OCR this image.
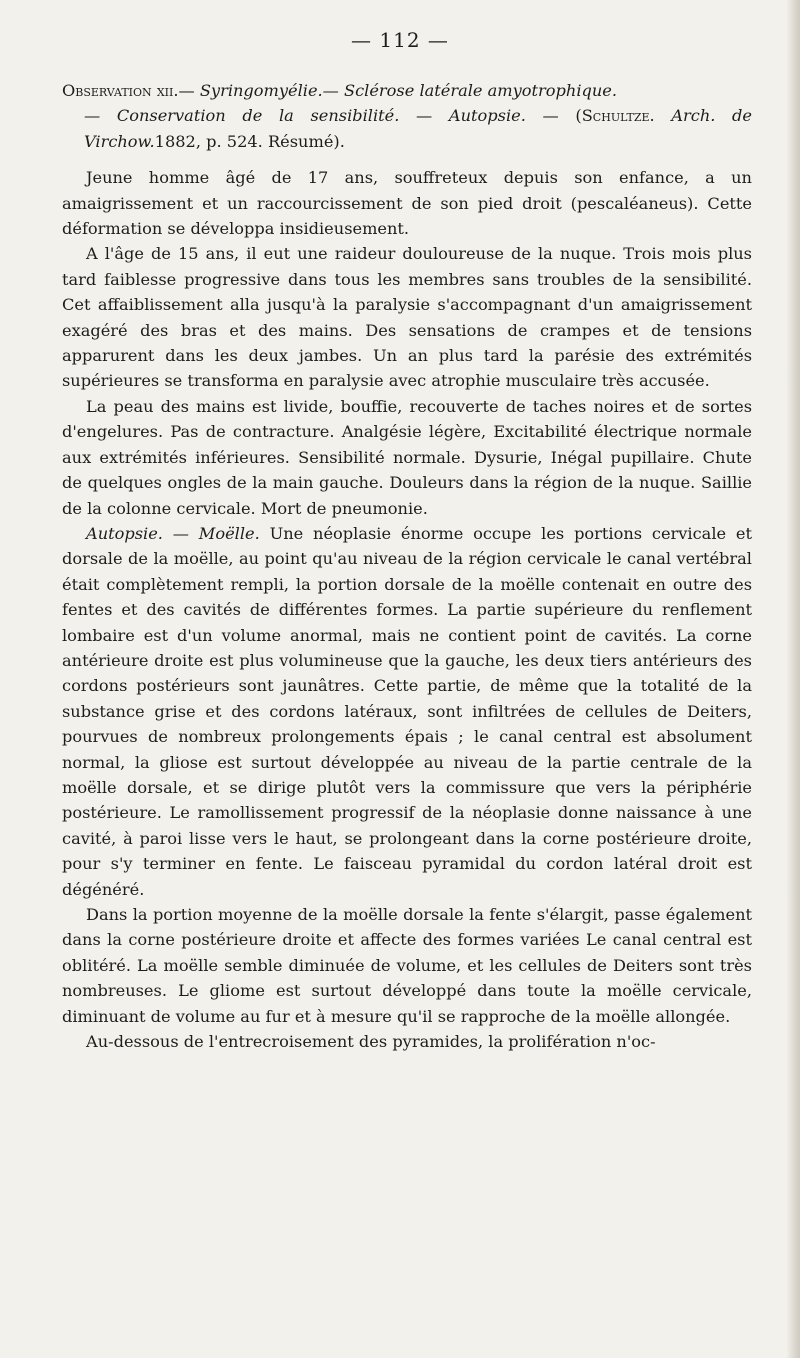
— 112 —

Observation xii.— Syringomyélie.— Sclérose latérale amyotrophique.
— Conservation de la sensibilité. — Autopsie. — (Schultze. Arch. de Virchow.1882, p. 524. Résumé).

Jeune homme âgé de 17 ans, souffreteux depuis son enfance, a un amaigrissement et un raccourcissement de son pied droit (pescaléaneus). Cette déformation se développa insidieusement.

A l'âge de 15 ans, il eut une raideur douloureuse de la nuque. Trois mois plus tard faiblesse progressive dans tous les membres sans troubles de la sensibilité. Cet affaiblissement alla jusqu'à la paralysie s'accompagnant d'un amaigrissement exagéré des bras et des mains. Des sensations de crampes et de tensions apparurent dans les deux jambes. Un an plus tard la parésie des extrémités supérieures se transforma en paralysie avec atrophie musculaire très accusée.

La peau des mains est livide, bouffie, recouverte de taches noires et de sortes d'engelures. Pas de contracture. Analgésie légère, Excitabilité électrique normale aux extrémités inférieures. Sensibilité normale. Dysurie, Inégal pupillaire. Chute de quelques ongles de la main gauche. Douleurs dans la région de la nuque. Saillie de la colonne cervicale. Mort de pneumonie.

Autopsie. — Moëlle. Une néoplasie énorme occupe les portions cervicale et dorsale de la moëlle, au point qu'au niveau de la région cervicale le canal vertébral était complètement rempli, la portion dorsale de la moëlle contenait en outre des fentes et des cavités de différentes formes. La partie supérieure du renflement lombaire est d'un volume anormal, mais ne contient point de cavités. La corne antérieure droite est plus volumineuse que la gauche, les deux tiers antérieurs des cordons postérieurs sont jaunâtres. Cette partie, de même que la totalité de la substance grise et des cordons latéraux, sont infiltrées de cellules de Deiters, pourvues de nombreux prolongements épais ; le canal central est absolument normal, la gliose est surtout développée au niveau de la partie centrale de la moëlle dorsale, et se dirige plutôt vers la commissure que vers la périphérie postérieure. Le ramollissement progressif de la néoplasie donne naissance à une cavité, à paroi lisse vers le haut, se prolongeant dans la corne postérieure droite, pour s'y terminer en fente. Le faisceau pyramidal du cordon latéral droit est dégénéré.

Dans la portion moyenne de la moëlle dorsale la fente s'élargit, passe également dans la corne postérieure droite et affecte des formes variées Le canal central est oblitéré. La moëlle semble diminuée de volume, et les cellules de Deiters sont très nombreuses. Le gliome est surtout développé dans toute la moëlle cervicale, diminuant de volume au fur et à mesure qu'il se rapproche de la moëlle allongée.

Au-dessous de l'entrecroisement des pyramides, la prolifération n'oc-
